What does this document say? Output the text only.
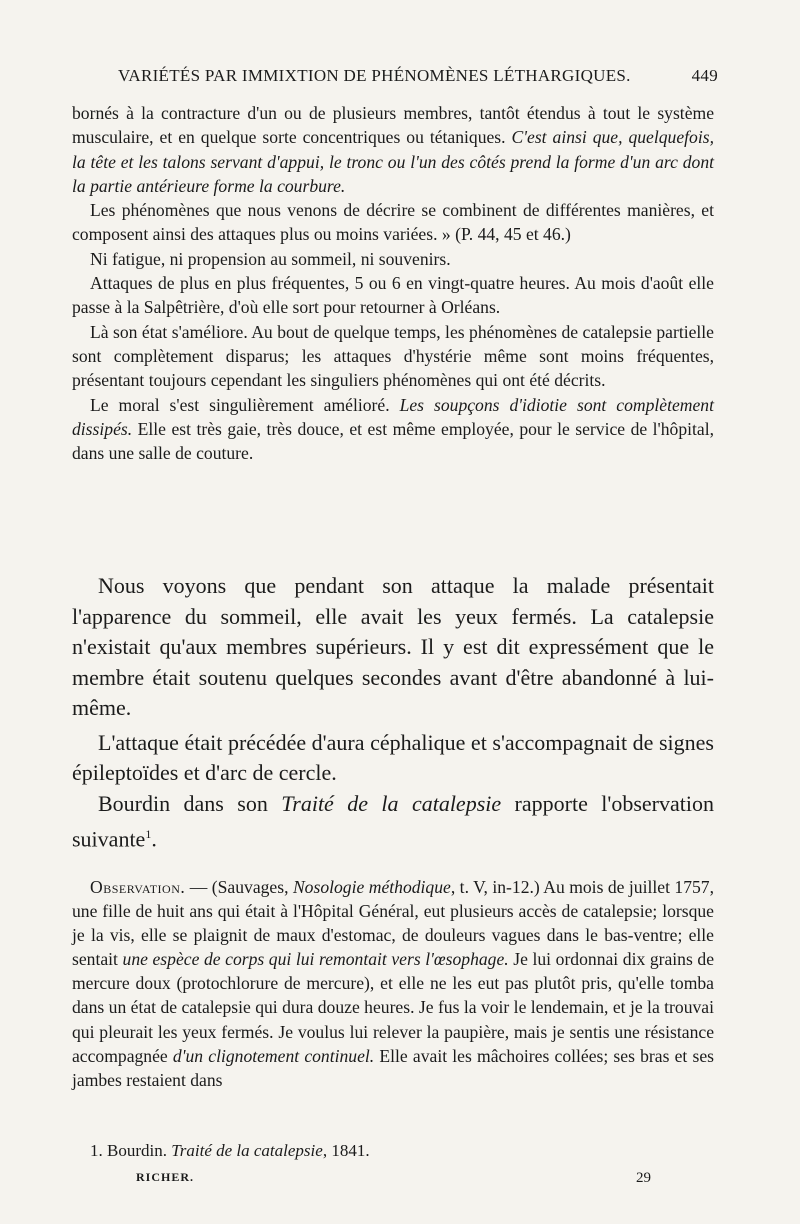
VARIÉTÉS PAR IMMIXTION DE PHÉNOMÈNES LÉTHARGIQUES.	449

bornés à la contracture d'un ou de plusieurs membres, tantôt étendus à tout le système musculaire, et en quelque sorte concentriques ou tétaniques. C'est ainsi que, quelquefois, la tête et les talons servant d'appui, le tronc ou l'un des côtés prend la forme d'un arc dont la partie antérieure forme la courbure.

Les phénomènes que nous venons de décrire se combinent de différentes manières, et composent ainsi des attaques plus ou moins variées. » (P. 44, 45 et 46.)

Ni fatigue, ni propension au sommeil, ni souvenirs.

Attaques de plus en plus fréquentes, 5 ou 6 en vingt-quatre heures. Au mois d'août elle passe à la Salpêtrière, d'où elle sort pour retourner à Orléans.

Là son état s'améliore. Au bout de quelque temps, les phénomènes de catalepsie partielle sont complètement disparus; les attaques d'hystérie même sont moins fréquentes, présentant toujours cependant les singuliers phénomènes qui ont été décrits.

Le moral s'est singulièrement amélioré. Les soupçons d'idiotie sont complètement dissipés. Elle est très gaie, très douce, et est même employée, pour le service de l'hôpital, dans une salle de couture.

Nous voyons que pendant son attaque la malade présentait l'apparence du sommeil, elle avait les yeux fermés. La catalepsie n'existait qu'aux membres supérieurs. Il y est dit expressément que le membre était soutenu quelques secondes avant d'être abandonné à lui-même.

L'attaque était précédée d'aura céphalique et s'accompagnait de signes épileptoïdes et d'arc de cercle.

Bourdin dans son Traité de la catalepsie rapporte l'observation suivante$^1$.

Observation. — (Sauvages, Nosologie méthodique, t. V, in-12.) Au mois de juillet 1757, une fille de huit ans qui était à l'Hôpital Général, eut plusieurs accès de catalepsie; lorsque je la vis, elle se plaignit de maux d'estomac, de douleurs vagues dans le bas-ventre; elle sentait une espèce de corps qui lui remontait vers l'œsophage. Je lui ordonnai dix grains de mercure doux (protochlorure de mercure), et elle ne les eut pas plutôt pris, qu'elle tomba dans un état de catalepsie qui dura douze heures. Je fus la voir le lendemain, et je la trouvai qui pleurait les yeux fermés. Je voulus lui relever la paupière, mais je sentis une résistance accompagnée d'un clignotement continuel. Elle avait les mâchoires collées; ses bras et ses jambes restaient dans

1. Bourdin. Traité de la catalepsie, 1841.
RICHER.	29
